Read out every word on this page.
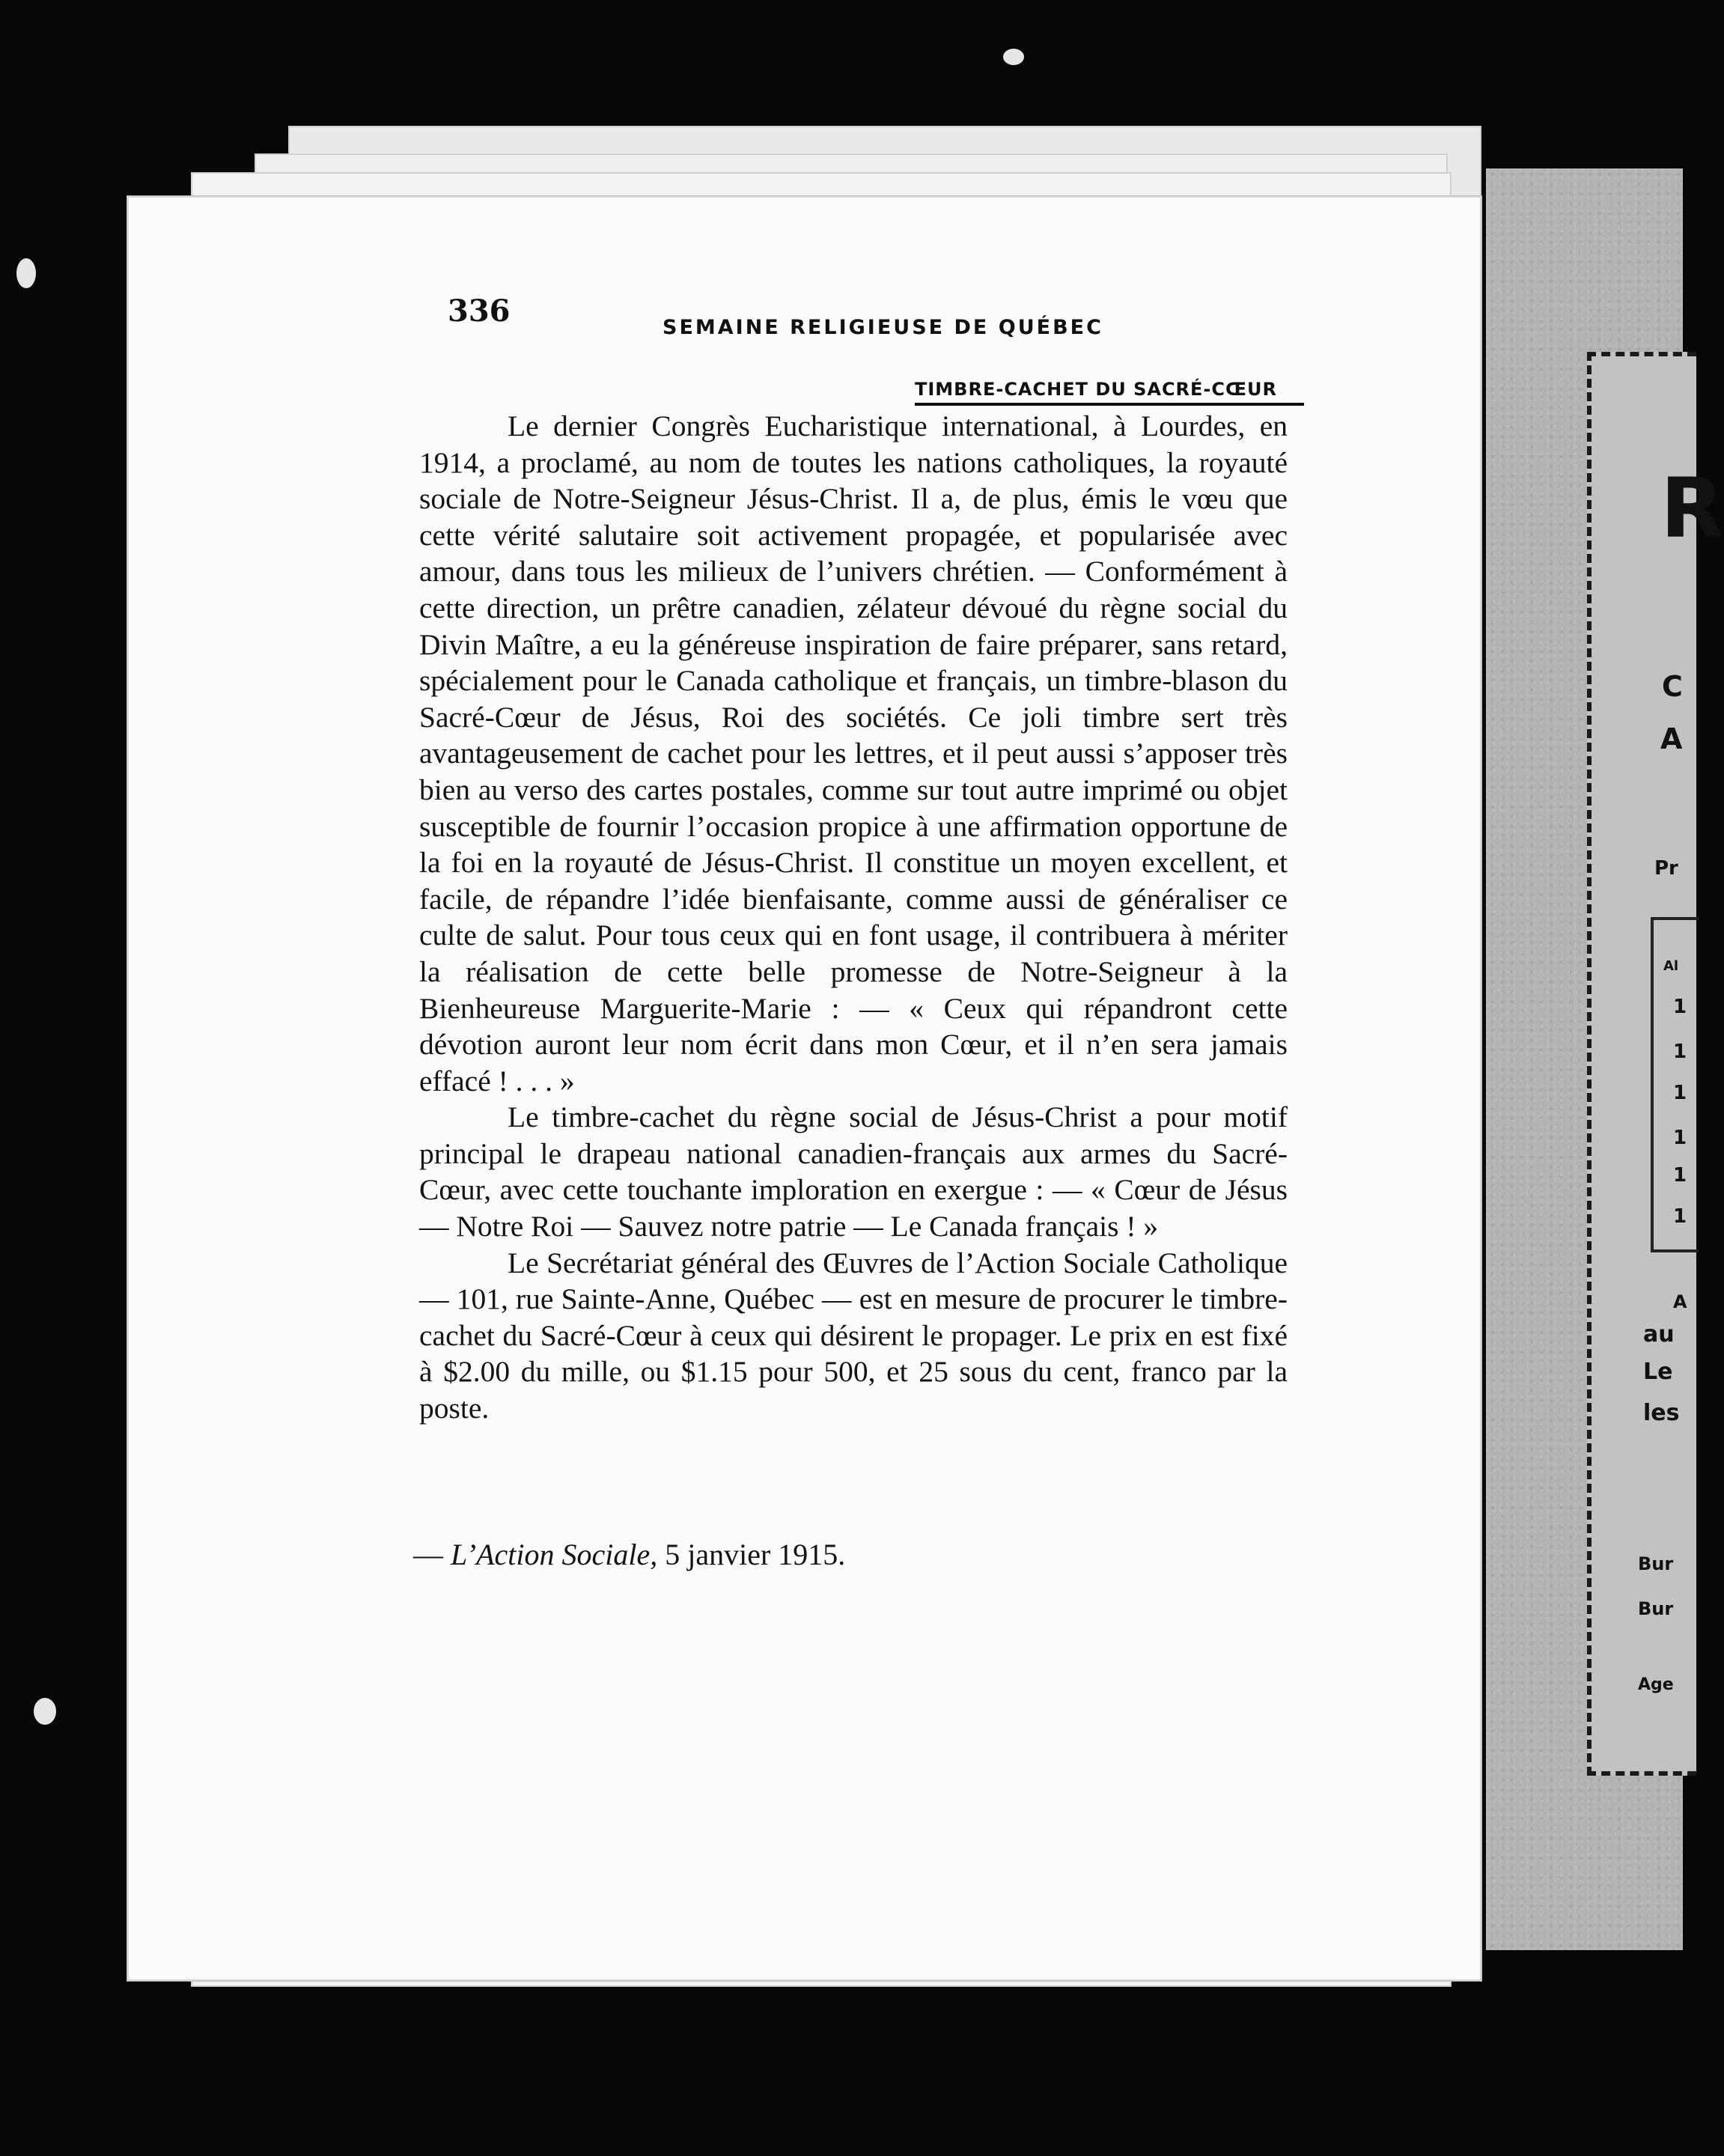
R
C
A
Pr
Al
1
1
1
1
1
1
A
au
Le
les
Bur
Bur
Age
336	SEMAINE RELIGIEUSE DE QUÉBEC
TIMBRE-CACHET DU SACRÉ-CŒUR

Le dernier Congrès Eucharistique international, à Lourdes, en 1914, a proclamé, au nom de toutes les nations catholiques, la royauté sociale de Notre-Seigneur Jésus-Christ. Il a, de plus, émis le vœu que cette vérité salutaire soit activement propagée, et popularisée avec amour, dans tous les milieux de l’univers chrétien. — Conformément à cette direction, un prêtre canadien, zélateur dévoué du règne social du Divin Maître, a eu la généreuse inspiration de faire préparer, sans retard, spécialement pour le Canada catholique et français, un timbre-blason du Sacré-Cœur de Jésus, Roi des sociétés. Ce joli timbre sert très avantageusement de cachet pour les lettres, et il peut aussi s’apposer très bien au verso des cartes postales, comme sur tout autre imprimé ou objet susceptible de fournir l’occasion propice à une affirmation opportune de la foi en la royauté de Jésus-Christ. Il constitue un moyen excellent, et facile, de répandre l’idée bienfaisante, comme aussi de généraliser ce culte de salut. Pour tous ceux qui en font usage, il contribuera à mériter la réalisation de cette belle promesse de Notre-Seigneur à la Bienheureuse Marguerite-Marie : — « Ceux qui répandront cette dévotion auront leur nom écrit dans mon Cœur, et il n’en sera jamais effacé ! . . . »

Le timbre-cachet du règne social de Jésus-Christ a pour motif principal le drapeau national canadien-français aux armes du Sacré-Cœur, avec cette touchante imploration en exergue : — « Cœur de Jésus — Notre Roi — Sauvez notre patrie — Le Canada français ! »

Le Secrétariat général des Œuvres de l’Action Sociale Catholique — 101, rue Sainte-Anne, Québec — est en mesure de procurer le timbre-cachet du Sacré-Cœur à ceux qui désirent le propager. Le prix en est fixé à $2.00 du mille, ou $1.15 pour 500, et 25 sous du cent, franco par la poste.

— L’Action Sociale, 5 janvier 1915.
